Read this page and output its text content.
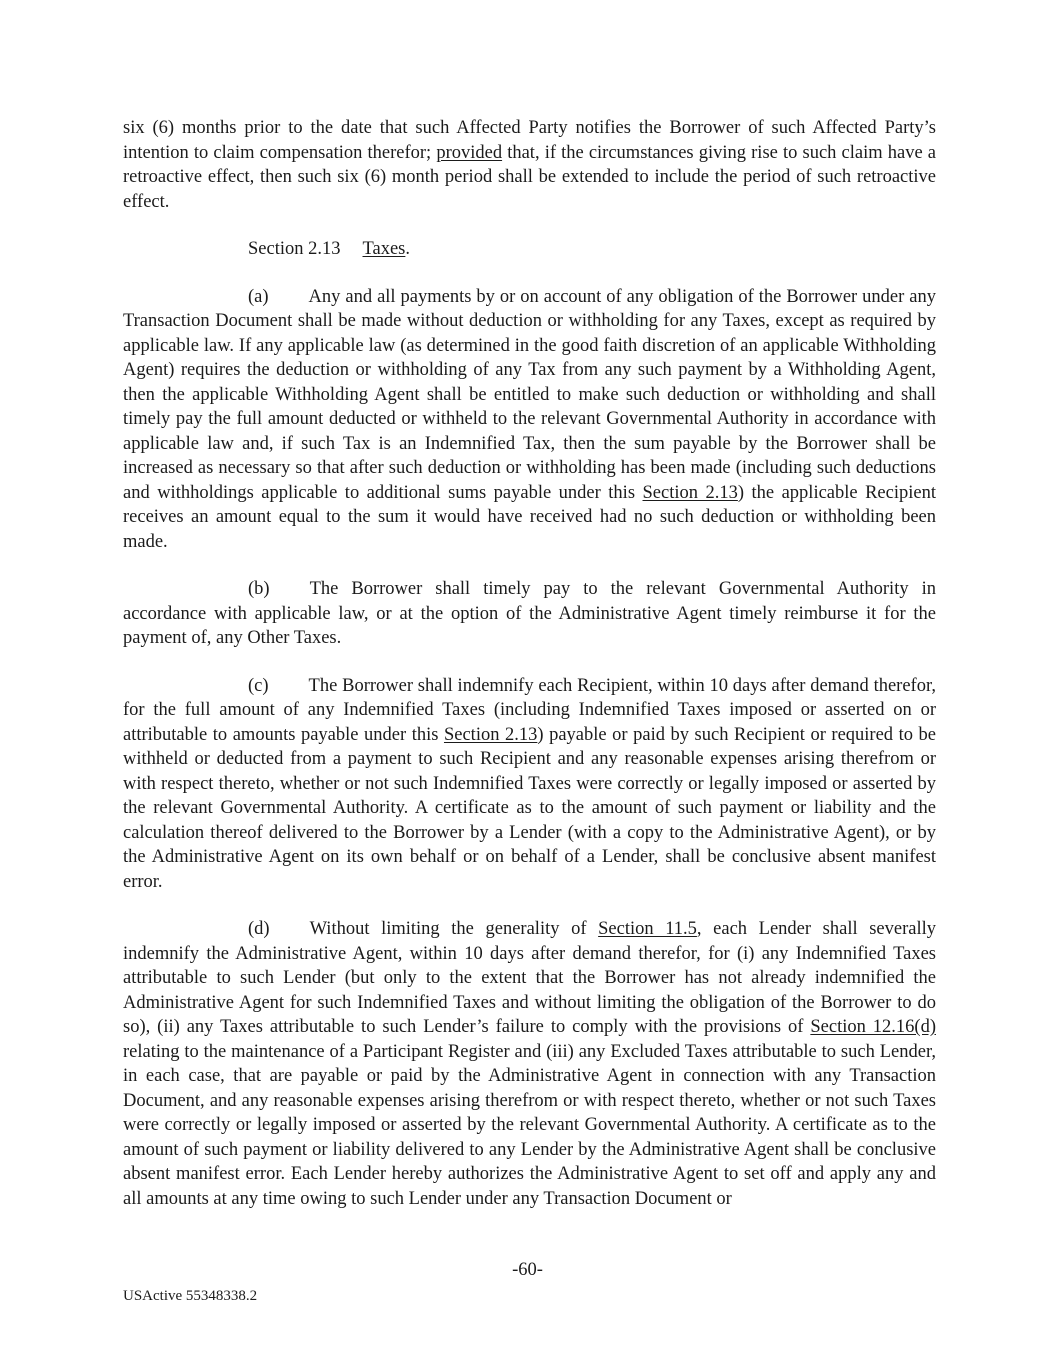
six (6) months prior to the date that such Affected Party notifies the Borrower of such Affected Party’s intention to claim compensation therefor; provided that, if the circumstances giving rise to such claim have a retroactive effect, then such six (6) month period shall be extended to include the period of such retroactive effect.

Section 2.13 Taxes.

(a) Any and all payments by or on account of any obligation of the Borrower under any Transaction Document shall be made without deduction or withholding for any Taxes, except as required by applicable law. If any applicable law (as determined in the good faith discretion of an applicable Withholding Agent) requires the deduction or withholding of any Tax from any such payment by a Withholding Agent, then the applicable Withholding Agent shall be entitled to make such deduction or withholding and shall timely pay the full amount deducted or withheld to the relevant Governmental Authority in accordance with applicable law and, if such Tax is an Indemnified Tax, then the sum payable by the Borrower shall be increased as necessary so that after such deduction or withholding has been made (including such deductions and withholdings applicable to additional sums payable under this Section 2.13) the applicable Recipient receives an amount equal to the sum it would have received had no such deduction or withholding been made.

(b) The Borrower shall timely pay to the relevant Governmental Authority in accordance with applicable law, or at the option of the Administrative Agent timely reimburse it for the payment of, any Other Taxes.

(c) The Borrower shall indemnify each Recipient, within 10 days after demand therefor, for the full amount of any Indemnified Taxes (including Indemnified Taxes imposed or asserted on or attributable to amounts payable under this Section 2.13) payable or paid by such Recipient or required to be withheld or deducted from a payment to such Recipient and any reasonable expenses arising therefrom or with respect thereto, whether or not such Indemnified Taxes were correctly or legally imposed or asserted by the relevant Governmental Authority. A certificate as to the amount of such payment or liability and the calculation thereof delivered to the Borrower by a Lender (with a copy to the Administrative Agent), or by the Administrative Agent on its own behalf or on behalf of a Lender, shall be conclusive absent manifest error.

(d) Without limiting the generality of Section 11.5, each Lender shall severally indemnify the Administrative Agent, within 10 days after demand therefor, for (i) any Indemnified Taxes attributable to such Lender (but only to the extent that the Borrower has not already indemnified the Administrative Agent for such Indemnified Taxes and without limiting the obligation of the Borrower to do so), (ii) any Taxes attributable to such Lender’s failure to comply with the provisions of Section 12.16(d) relating to the maintenance of a Participant Register and (iii) any Excluded Taxes attributable to such Lender, in each case, that are payable or paid by the Administrative Agent in connection with any Transaction Document, and any reasonable expenses arising therefrom or with respect thereto, whether or not such Taxes were correctly or legally imposed or asserted by the relevant Governmental Authority. A certificate as to the amount of such payment or liability delivered to any Lender by the Administrative Agent shall be conclusive absent manifest error. Each Lender hereby authorizes the Administrative Agent to set off and apply any and all amounts at any time owing to such Lender under any Transaction Document or

-60-
USActive 55348338.2
